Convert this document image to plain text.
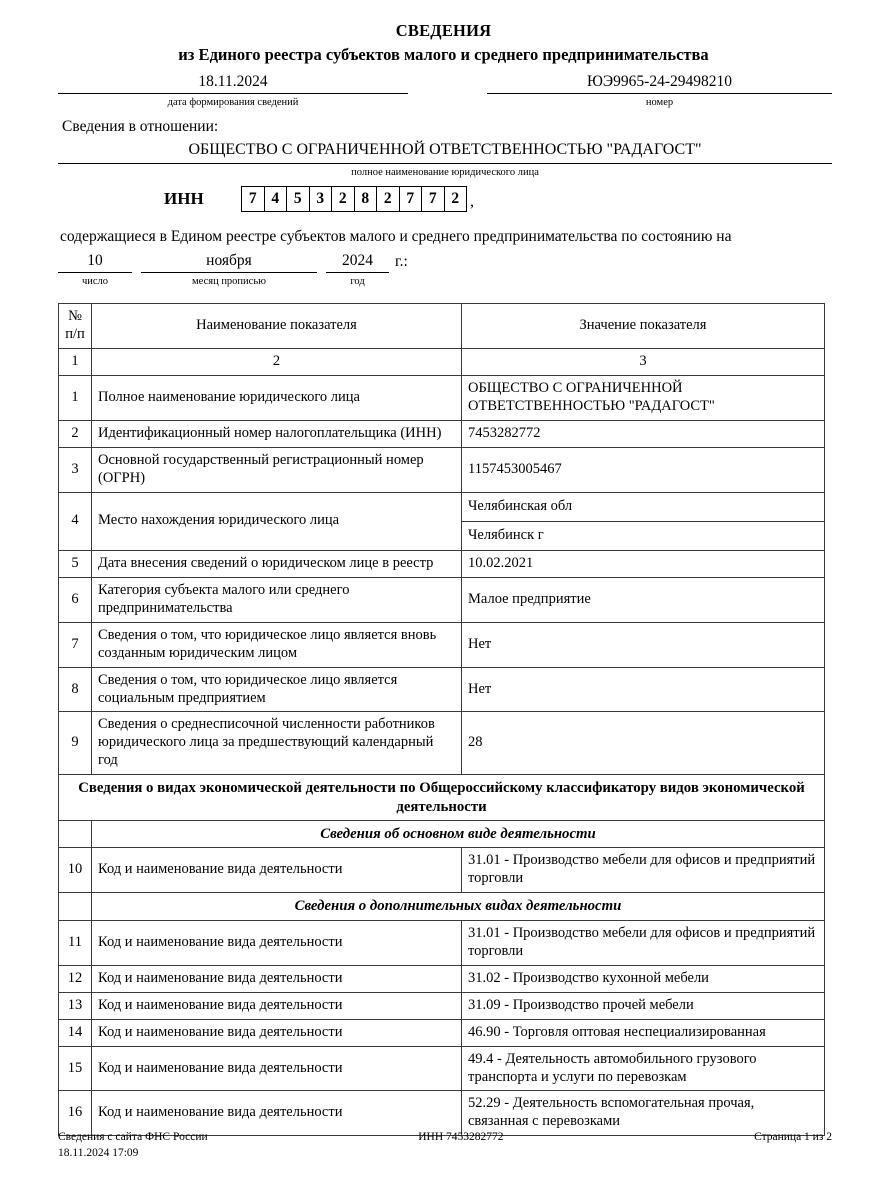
СВЕДЕНИЯ
из Единого реестра субъектов малого и среднего предпринимательства
18.11.2024
дата формирования сведений
ЮЭ9965-24-29498210
номер
Сведения в отношении:
ОБЩЕСТВО С ОГРАНИЧЕННОЙ ОТВЕТСТВЕННОСТЬЮ "РАДАГОСТ"
полное наименование юридического лица
ИНН	7 4 5 3 2 8 2 7 7 2 ,
содержащиеся в Едином реестре субъектов малого и среднего предпринимательства по состоянию на
10
число
ноября
месяц прописью
2024
год
г.:
№
п/п	Наименование показателя	Значение показателя
1	2	3
1	Полное наименование юридического лица	ОБЩЕСТВО С ОГРАНИЧЕННОЙ ОТВЕТСТВЕННОСТЬЮ "РАДАГОСТ"
2	Идентификационный номер налогоплательщика (ИНН)	7453282772
3	Основной государственный регистрационный номер (ОГРН)	1157453005467
4	Место нахождения юридического лица	Челябинская обл
Челябинск г

5	Дата внесения сведений о юридическом лице в реестр	10.02.2021
6	Категория субъекта малого или среднего предпринимательства	Малое предприятие
7	Сведения о том, что юридическое лицо является вновь созданным юридическим лицом	Нет
8	Сведения о том, что юридическое лицо является социальным предприятием	Нет
9	Сведения о среднесписочной численности работников юридического лица за предшествующий календарный год	28
Сведения о видах экономической деятельности по Общероссийскому классификатору видов экономической деятельности		
	Сведения об основном виде деятельности	
10	Код и наименование вида деятельности	31.01 - Производство мебели для офисов и предприятий торговли
	Сведения о дополнительных видах деятельности	
11	Код и наименование вида деятельности	31.01 - Производство мебели для офисов и предприятий торговли
12	Код и наименование вида деятельности	31.02 - Производство кухонной мебели
13	Код и наименование вида деятельности	31.09 - Производство прочей мебели
14	Код и наименование вида деятельности	46.90 - Торговля оптовая неспециализированная
15	Код и наименование вида деятельности	49.4 - Деятельность автомобильного грузового транспорта и услуги по перевозкам
16	Код и наименование вида деятельности	52.29 - Деятельность вспомогательная прочая, связанная с перевозками
Сведения с сайта ФНС России
18.11.2024 17:09
ИНН 7453282772	Страница 1 из 2
